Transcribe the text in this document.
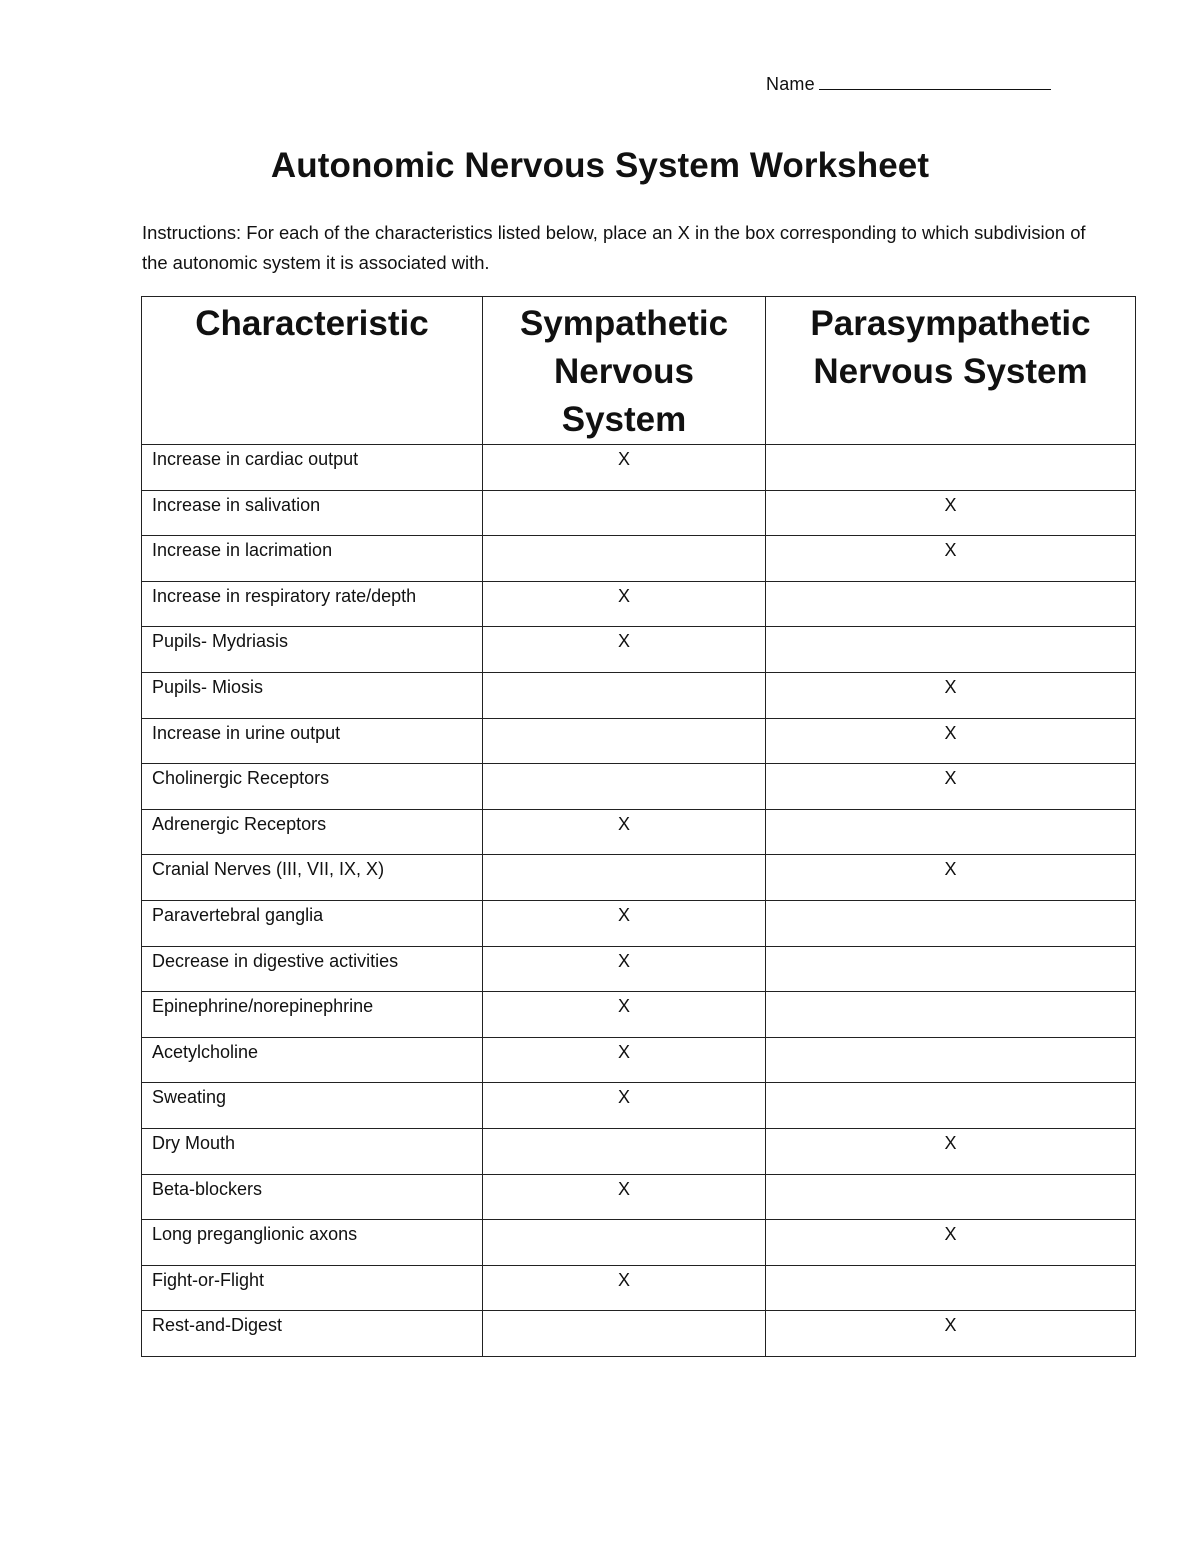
Name
Autonomic Nervous System Worksheet
Instructions: For each of the characteristics listed below, place an X in the box corresponding to which subdivision of the autonomic system it is associated with.
Characteristic	Sympathetic Nervous System	Parasympathetic Nervous System
Increase in cardiac output	X	
Increase in salivation		X
Increase in lacrimation		X
Increase in respiratory rate/depth	X	
Pupils- Mydriasis	X	
Pupils- Miosis		X
Increase in urine output		X
Cholinergic Receptors		X
Adrenergic Receptors	X	
Cranial Nerves (III, VII, IX, X)		X
Paravertebral ganglia	X	
Decrease in digestive activities	X	
Epinephrine/norepinephrine	X	
Acetylcholine	X	
Sweating	X	
Dry Mouth		X
Beta-blockers	X	
Long preganglionic axons		X
Fight-or-Flight	X	
Rest-and-Digest		X
